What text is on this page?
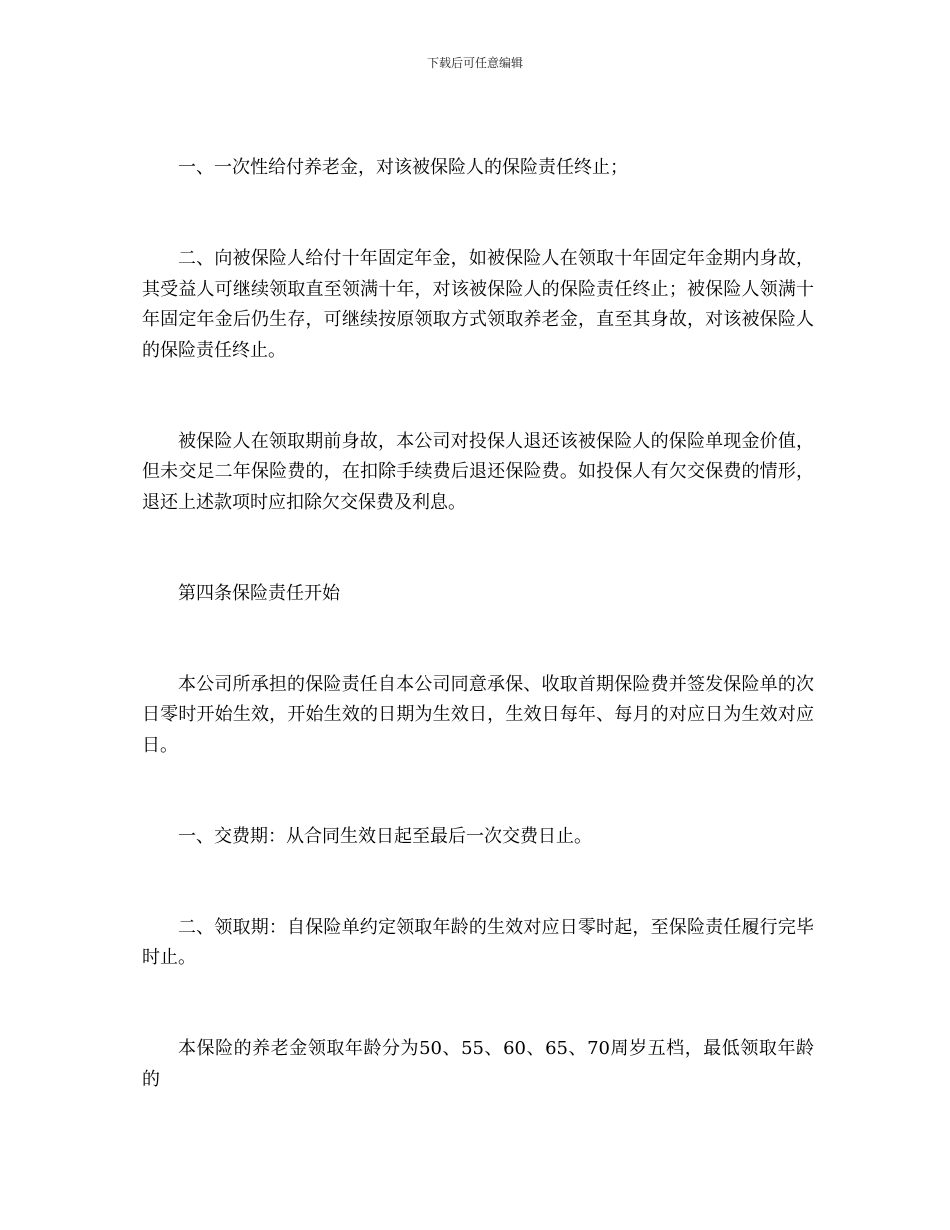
下载后可任意编辑

一、一次性给付养老金，对该被保险人的保险责任终止；

二、向被保险人给付十年固定年金，如被保险人在领取十年固定年金期内身故，其受益人可继续领取直至领满十年，对该被保险人的保险责任终止；被保险人领满十年固定年金后仍生存，可继续按原领取方式领取养老金，直至其身故，对该被保险人的保险责任终止。

被保险人在领取期前身故，本公司对投保人退还该被保险人的保险单现金价值，但未交足二年保险费的，在扣除手续费后退还保险费。如投保人有欠交保费的情形，退还上述款项时应扣除欠交保费及利息。

第四条保险责任开始

本公司所承担的保险责任自本公司同意承保、收取首期保险费并签发保险单的次日零时开始生效，开始生效的日期为生效日，生效日每年、每月的对应日为生效对应日。

一、交费期：从合同生效日起至最后一次交费日止。

二、领取期：自保险单约定领取年龄的生效对应日零时起，至保险责任履行完毕时止。

本保险的养老金领取年龄分为50、55、60、65、70周岁五档，最低领取年龄的
